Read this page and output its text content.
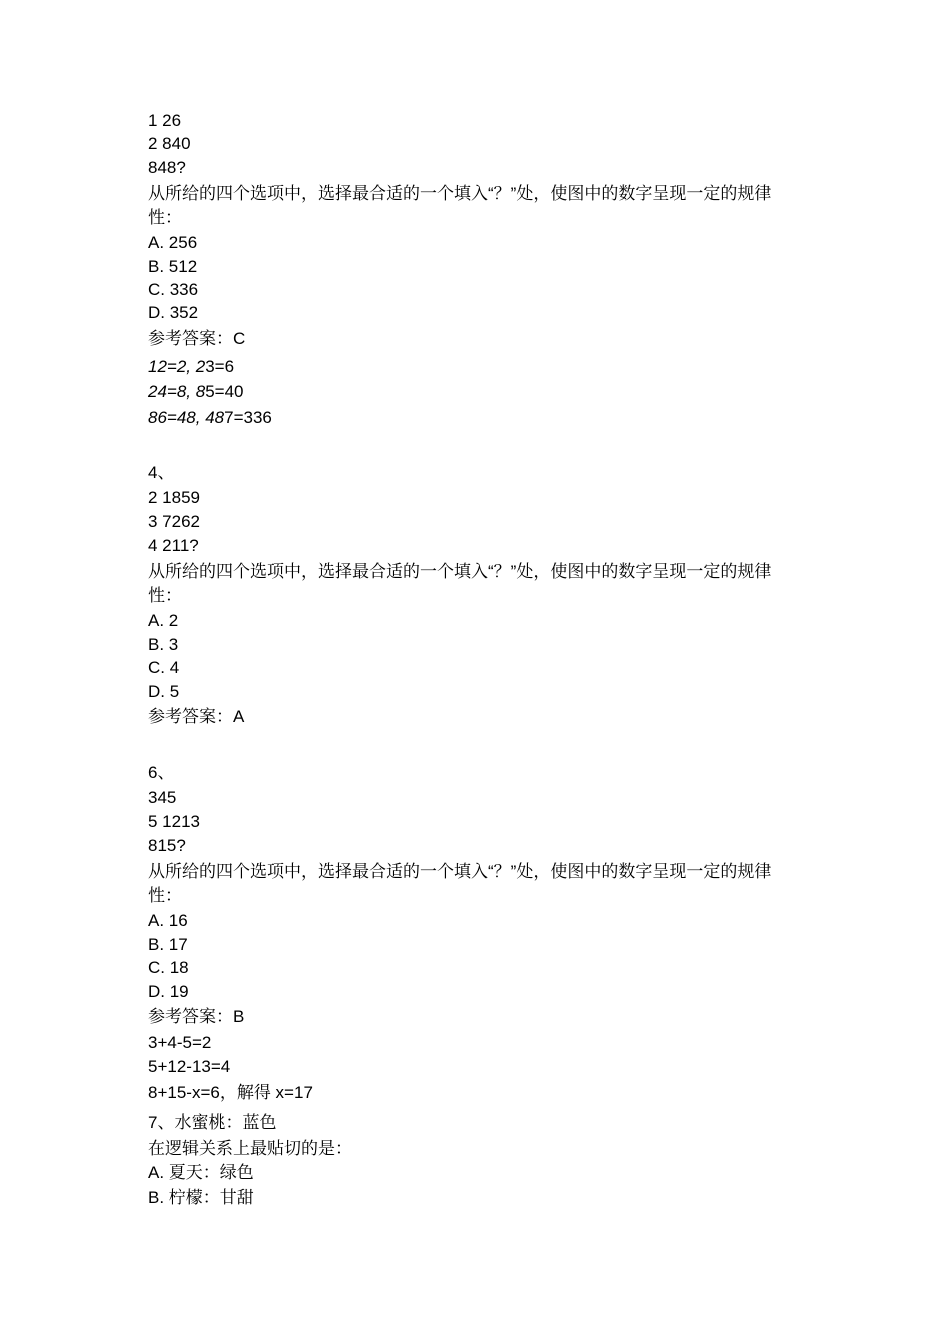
1 26
2 840
848?
从所给的四个选项中，选择最合适的一个填入“？”处，使图中的数字呈现一定的规律
性：
A. 256
B. 512
C. 336
D. 352
参考答案：C
12=2, 23=6
24=8, 85=40
86=48, 487=336
4、
2 1859
3 7262
4 211?
从所给的四个选项中，选择最合适的一个填入“？”处，使图中的数字呈现一定的规律
性：
A. 2
B. 3
C. 4
D. 5
参考答案：A
6、
345
5 1213
815?
从所给的四个选项中，选择最合适的一个填入“？”处，使图中的数字呈现一定的规律
性：
A. 16
B. 17
C. 18
D. 19
参考答案：B
3+4-5=2
5+12-13=4
8+15-x=6，解得 x=17
7、水蜜桃：蓝色
在逻辑关系上最贴切的是：
A. 夏天：绿色
B. 柠檬：甘甜
